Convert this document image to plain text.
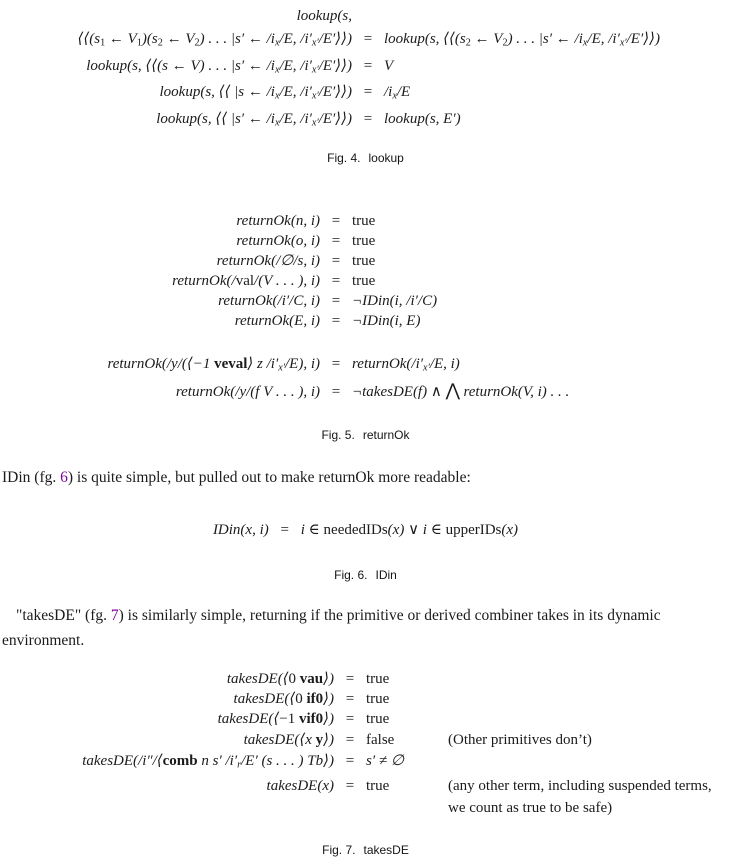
lookup(s,
⟨⟨(s1 ← V1)(s2 ← V2) . . . |s′ ← /ix/E, /i′x′/E′⟩⟩) = lookup(s, ⟨⟨(s2 ← V2) . . . |s′ ← /ix/E, /i′x′/E′⟩⟩)
lookup(s, ⟨⟨(s ← V) . . . |s′ ← /ix/E, /i′x′/E′⟩⟩) = V
lookup(s, ⟨⟨ |s ← /ix/E, /i′x′/E′⟩⟩) = /ix/E
lookup(s, ⟨⟨ |s′ ← /ix/E, /i′x′/E′⟩⟩) = lookup(s, E′)
Fig. 4. lookup
returnOk(n, i) = true
returnOk(o, i) = true
returnOk(/∅/s, i) = true
returnOk(/val/(V . . . ), i) = true
returnOk(/i′/C, i) = ¬IDin(i, /i′/C)
returnOk(E, i) = ¬IDin(i, E)
returnOk(/y/(⟨−1 veval⟩ z /i′x′/E), i) = returnOk(/i′x′/E, i)
returnOk(/y/(f V . . . ), i) = ¬takesDE(f) ∧ ⋀ returnOk(V, i) . . .
Fig. 5. returnOk

IDin (fg. 6) is quite simple, but pulled out to make returnOk more readable:

IDin(x, i) = i ∈ neededIDs(x) ∨ i ∈ upperIDs(x)
Fig. 6. IDin

"takesDE" (fg. 7) is similarly simple, returning if the primitive or derived combiner takes in its dynamic environment.

takesDE(⟨0 vau⟩) = true
takesDE(⟨0 if0⟩) = true
takesDE(⟨−1 vif0⟩) = true
takesDE(⟨x y⟩) = false	(Other primitives don’t)
takesDE(/i″/⟨comb n s′ /i′r/E′ (s . . . ) Tb⟩) = s′ ≠ ∅
takesDE(x) = true	(any other term, including suspended terms,
we count as true to be safe)
Fig. 7. takesDE
